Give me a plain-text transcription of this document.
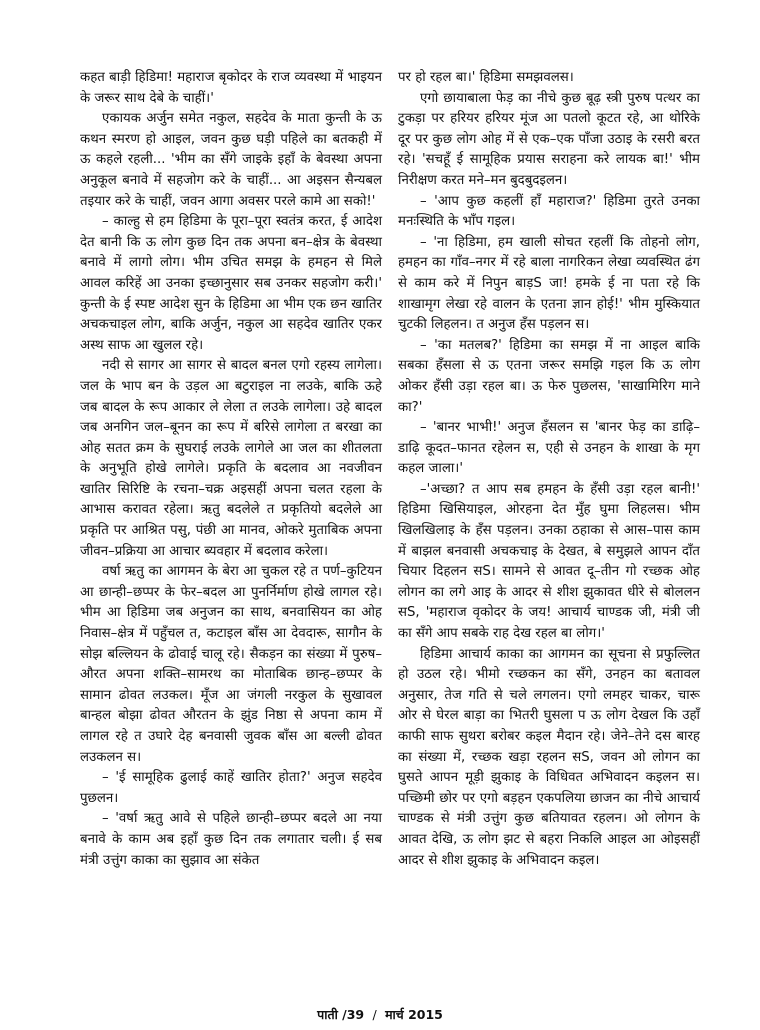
कहत बाड़ी हिडिमा! महाराज बृकोदर के राज व्यवस्था में भाइयन के जरूर साथ देबे के चाहीं।'

एकायक अर्जुन समेत नकुल, सहदेव के माता कुन्ती के ऊ कथन स्मरण हो आइल, जवन कुछ घड़ी पहिले का बतकही में ऊ कहले रहली... 'भीम का सँगे जाइके इहाँ के बेवस्था अपना अनुकूल बनावे में सहजोग करे के चाहीं... आ अइसन सैन्यबल तइयार करे के चाहीं, जवन आगा अवसर परले कामे आ सको!'

– काल्हु से हम हिडिमा के पूरा–पूरा स्वतंत्र करत, ई आदेश देत बानी कि ऊ लोग कुछ दिन तक अपना बन–क्षेत्र के बेवस्था बनावे में लागो लोग। भीम उचित समझ के हमहन से मिले आवल करिहें आ उनका इच्छानुसार सब उनकर सहजोग करी।' कुन्ती के ई स्पष्ट आदेश सुन के हिडिमा आ भीम एक छन खातिर अचकचाइल लोग, बाकि अर्जुन, नकुल आ सहदेव खातिर एकर अस्थ साफ आ खुलल रहे।

नदी से सागर आ सागर से बादल बनल एगो रहस्य लागेला। जल के भाप बन के उड़ल आ बटुराइल ना लउके, बाकि ऊहे जब बादल के रूप आकार ले लेला त लउके लागेला। उहे बादल जब अनगिन जल–बूनन का रूप में बरिसे लागेला त बरखा का ओह सतत क्रम के सुघराई लउके लागेले आ जल का शीतलता के अनुभूति होखे लागेले। प्रकृति के बदलाव आ नवजीवन खातिर सिरिष्टि के रचना–चक्र अइसहीं अपना चलत रहला के आभास करावत रहेला। ऋतु बदलेले त प्रकृतियो बदलेले आ प्रकृति पर आश्रित पसु, पंछी आ मानव, ओकरे मुताबिक अपना जीवन–प्रक्रिया आ आचार ब्यवहार में बदलाव करेला।

वर्षा ऋतु का आगमन के बेरा आ चुकल रहे त पर्ण–कुटियन आ छान्ही–छप्पर के फेर–बदल आ पुनर्निर्माण होखे लागल रहे। भीम आ हिडिमा जब अनुजन का साथ, बनवासियन का ओह निवास–क्षेत्र में पहुँचल त, कटाइल बाँस आ देवदारू, सागौन के सोझ बल्लियन के ढोवाई चालू रहे। सैकड़न का संख्या में पुरुष–औरत अपना शक्ति–सामरथ का मोताबिक छान्ह–छप्पर के सामान ढोवत लउकल। मूँज आ जंगली नरकुल के सुखावल बान्हल बोझा ढोवत औरतन के झुंड निष्ठा से अपना काम में लागल रहे त उघारे देह बनवासी जुवक बाँस आ बल्ली ढोवत लउकलन स।

– 'ई सामूहिक ढुलाई काहें खातिर होता?' अनुज सहदेव पुछलन।

– 'वर्षा ऋतु आवे से पहिले छान्ही–छप्पर बदले आ नया बनावे के काम अब इहाँ कुछ दिन तक लगातार चली। ई सब मंत्री उत्तुंग काका का सुझाव आ संकेत

पर हो रहल बा।' हिडिमा समझवलस।

एगो छायाबाला फेड़ का नीचे कुछ बूढ़ स्त्री पुरुष पत्थर का टुकड़ा पर हरियर हरियर मूंज आ पतलो कूटत रहे, आ थोरिके दूर पर कुछ लोग ओह में से एक–एक पाँजा उठाइ के रसरी बरत रहे। 'सचहूँ ई सामूहिक प्रयास सराहना करे लायक बा!' भीम निरीक्षण करत मने–मन बुदबुदइलन।

– 'आप कुछ कहलीं हाँ महाराज?' हिडिमा तुरते उनका मनःस्थिति के भाँप गइल।

– 'ना हिडिमा, हम खाली सोचत रहलीं कि तोहनो लोग, हमहन का गाँव–नगर में रहे बाला नागरिकन लेखा व्यवस्थित ढंग से काम करे में निपुन बाड़S जा! हमके ई ना पता रहे कि शाखामृग लेखा रहे वालन के एतना ज्ञान होई!' भीम मुस्कियात चुटकी लिहलन। त अनुज हँस पड़लन स।

– 'का मतलब?' हिडिमा का समझ में ना आइल बाकि सबका हँसला से ऊ एतना जरूर समझि गइल कि ऊ लोग ओकर हँसी उड़ा रहल बा। ऊ फेरु पुछलस, 'साखामिरिग माने का?'

– 'बानर भाभी!' अनुज हँसलन स 'बानर फेड़ का डाढ़ि–डाढ़ि कूदत–फानत रहेलन स, एही से उनहन के शाखा के मृग कहल जाला।'

–'अच्छा? त आप सब हमहन के हँसी उड़ा रहल बानी!' हिडिमा खिसियाइल, ओरहना देत मुँह घुमा लिहलस। भीम खिलखिलाइ के हँस पड़लन। उनका ठहाका से आस–पास काम में बाझल बनवासी अचकचाइ के देखत, बे समुझले आपन दाँत चियार दिहलन सS। सामने से आवत दू–तीन गो रच्छक ओह लोगन का लगे आइ के आदर से शीश झुकावत धीरे से बोललन सS, 'महाराज वृकोदर के जय! आचार्य चाण्डक जी, मंत्री जी का सँगे आप सबके राह देख रहल बा लोग।'

हिडिमा आचार्य काका का आगमन का सूचना से प्रफुल्लित हो उठल रहे। भीमो रच्छकन का सँगे, उनहन का बतावल अनुसार, तेज गति से चले लगलन। एगो लमहर चाकर, चारू ओर से घेरल बाड़ा का भितरी घुसला प ऊ लोग देखल कि उहाँ काफी साफ सुथरा बरोबर कइल मैदान रहे। जेने–तेने दस बारह का संख्या में, रच्छक खड़ा रहलन सS, जवन ओ लोगन का घुसते आपन मूड़ी झुकाइ के विधिवत अभिवादन कइलन स। पच्छिमी छोर पर एगो बड़हन एकपलिया छाजन का नीचे आचार्य चाण्डक से मंत्री उत्तुंग कुछ बतियावत रहलन। ओ लोगन के आवत देखि, ऊ लोग झट से बहरा निकलि आइल आ ओइसहीं आदर से शीश झुकाइ के अभिवादन कइल।

पाती /39 / मार्च 2015
